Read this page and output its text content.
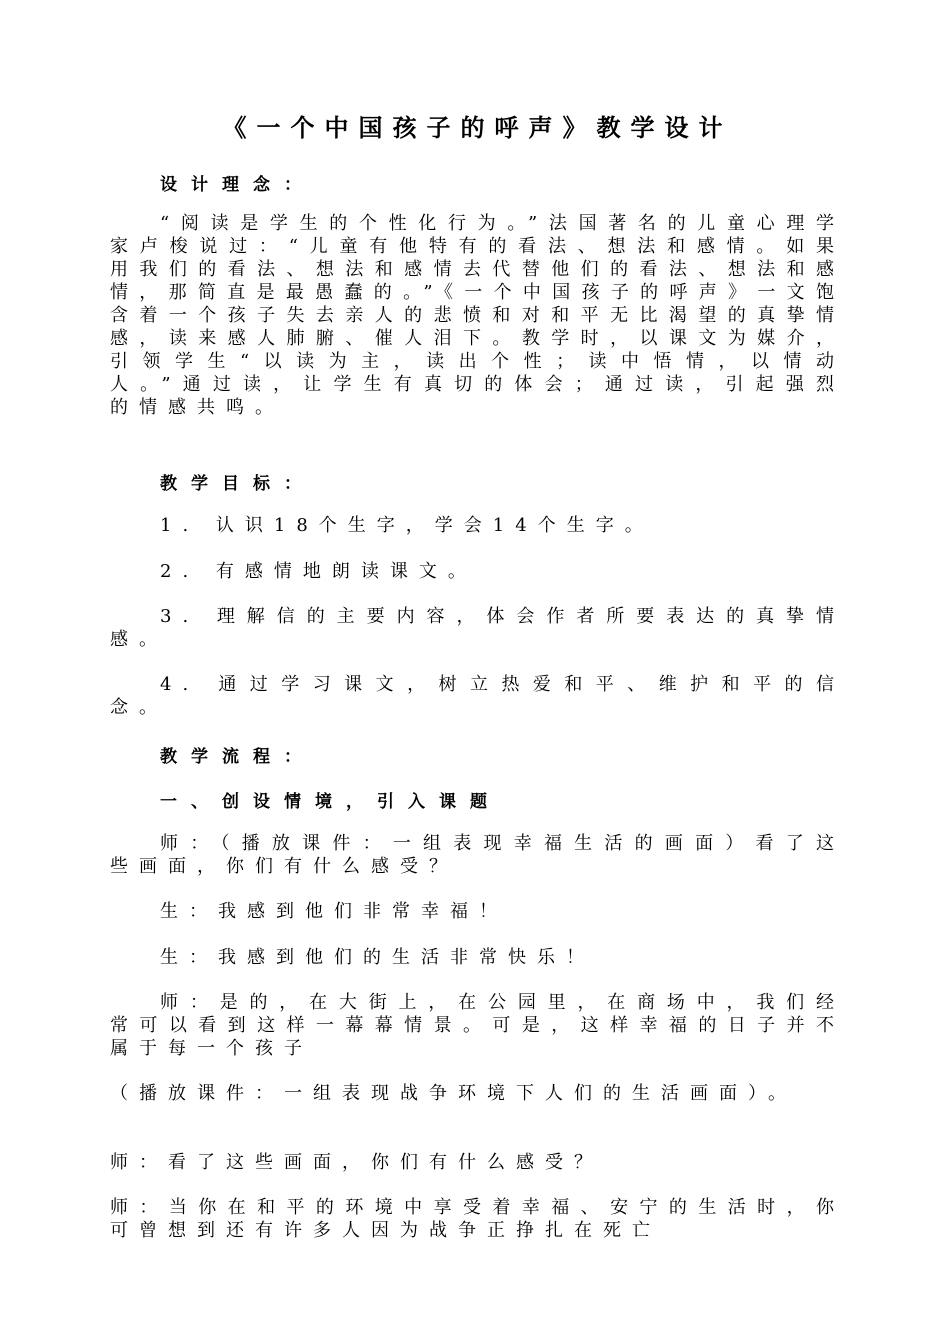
《一个中国孩子的呼声》教学设计
设计理念：

“阅读是学生的个性化行为。”法国著名的儿童心理学家卢梭说过：“儿童有他特有的看法、想法和感情。如果用我们的看法、想法和感情去代替他们的看法、想法和感情，那简直是最愚蠢的。”《一个中国孩子的呼声》一文饱含着一个孩子失去亲人的悲愤和对和平无比渴望的真挚情感，读来感人肺腑、催人泪下。教学时，以课文为媒介，引领学生“以读为主，读出个性；读中悟情，以情动人。”通过读，让学生有真切的体会；通过读，引起强烈的情感共鸣。

教学目标：

1. 认识18个生字，学会14个生字。

2. 有感情地朗读课文。

3. 理解信的主要内容，体会作者所要表达的真挚情感。

4. 通过学习课文，树立热爱和平、维护和平的信念。

教学流程：
一、创设情境，引入课题

师：（播放课件：一组表现幸福生活的画面）看了这些画面，你们有什么感受？

生：我感到他们非常幸福！

生：我感到他们的生活非常快乐！

师：是的，在大街上，在公园里，在商场中，我们经常可以看到这样一幕幕情景。可是，这样幸福的日子并不属于每一个孩子

（播放课件：一组表现战争环境下人们的生活画面）。

师：看了这些画面，你们有什么感受？

师：当你在和平的环境中享受着幸福、安宁的生活时，你可曾想到还有许多人因为战争正挣扎在死亡
